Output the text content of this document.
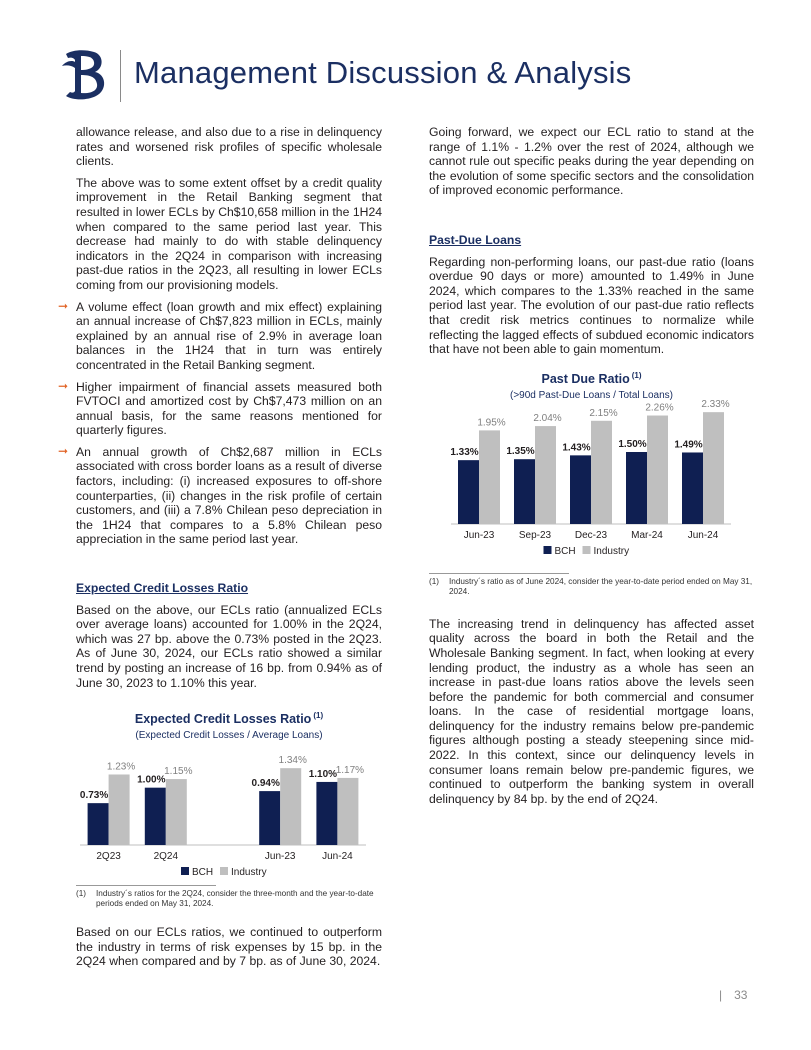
Management Discussion & Analysis

allowance release, and also due to a rise in delinquency rates and worsened risk profiles of specific wholesale clients.

The above was to some extent offset by a credit quality improvement in the Retail Banking segment that resulted in lower ECLs by Ch$10,658 million in the 1H24 when compared to the same period last year. This decrease had mainly to do with stable delinquency indicators in the 2Q24 in comparison with increasing past-due ratios in the 2Q23, all resulting in lower ECLs coming from our provisioning models.

➞ A volume effect (loan growth and mix effect) explaining an annual increase of Ch$7,823 million in ECLs, mainly explained by an annual rise of 2.9% in average loan balances in the 1H24 that in turn was entirely concentrated in the Retail Banking segment.
➞ Higher impairment of financial assets measured both FVTOCI and amortized cost by Ch$7,473 million on an annual basis, for the same reasons mentioned for quarterly figures.
➞ An annual growth of Ch$2,687 million in ECLs associated with cross border loans as a result of diverse factors, including: (i) increased exposures to off-shore counterparties, (ii) changes in the risk profile of certain customers, and (iii) a 7.8% Chilean peso depreciation in the 1H24 that compares to a 5.8% Chilean peso appreciation in the same period last year.
Expected Credit Losses Ratio

Based on the above, our ECLs ratio (annualized ECLs over average loans) accounted for 1.00% in the 2Q24, which was 27 bp. above the 0.73% posted in the 2Q23. As of June 30, 2024, our ECLs ratio showed a similar trend by posting an increase of 16 bp. from 0.94% as of June 30, 2023 to 1.10% this year.

Expected Credit Losses Ratio $^{(1)}$
(Expected Credit Losses / Average Loans)
0.73%
1.23%
2Q23
1.00%
1.15%
2Q24
0.94%
1.34%
Jun-23
1.10%
1.17%
Jun-24
BCH Industry
(1)	Industry´s ratios for the 2Q24, consider the three-month and the year-to-date periods ended on May 31, 2024.

Based on our ECLs ratios, we continued to outperform the industry in terms of risk expenses by 15 bp. in the 2Q24 when compared and by 7 bp. as of June 30, 2024.

Going forward, we expect our ECL ratio to stand at the range of 1.1% - 1.2% over the rest of 2024, although we cannot rule out specific peaks during the year depending on the evolution of some specific sectors and the consolidation of improved economic performance.

Past-Due Loans

Regarding non-performing loans, our past-due ratio (loans overdue 90 days or more) amounted to 1.49% in June 2024, which compares to the 1.33% reached in the same period last year. The evolution of our past-due ratio reflects that credit risk metrics continues to normalize while reflecting the lagged effects of subdued economic indicators that have not been able to gain momentum.

Past Due Ratio $^{(1)}$
(>90d Past-Due Loans / Total Loans)
1.33%
1.95%
Jun-23
1.35%
2.04%
Sep-23
1.43%
2.15%
Dec-23
1.50%
2.26%
Mar-24
1.49%
2.33%
Jun-24
BCH Industry
(1)	Industry´s ratio as of June 2024, consider the year-to-date period ended on May 31, 2024.

The increasing trend in delinquency has affected asset quality across the board in both the Retail and the Wholesale Banking segment. In fact, when looking at every lending product, the industry as a whole has seen an increase in past-due loans ratios above the levels seen before the pandemic for both commercial and consumer loans. In the case of residential mortgage loans, delinquency for the industry remains below pre-pandemic figures although posting a steady steepening since mid-2022. In this context, since our delinquency levels in consumer loans remain below pre-pandemic figures, we continued to outperform the banking system in overall delinquency by 84 bp. by the end of 2Q24.

| 33
